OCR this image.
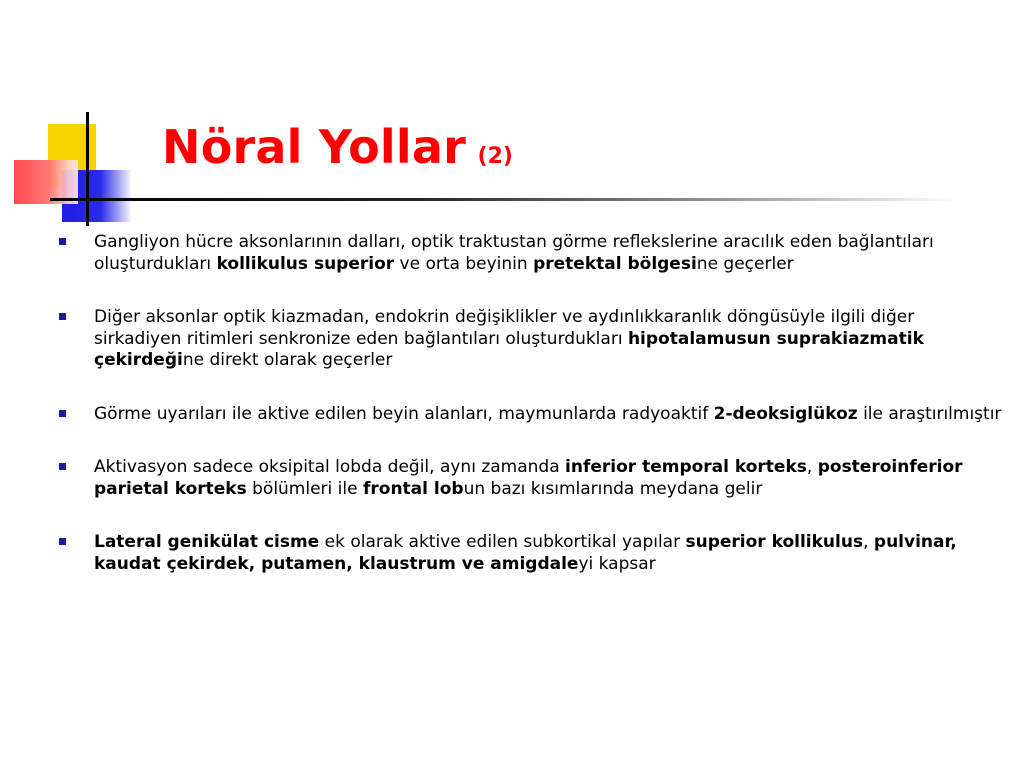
Nöral Yollar (2)
Gangliyon hücre aksonlarının dalları, optik traktustan görme reflekslerine aracılık eden bağlantıları oluşturdukları kollikulus superior ve orta beyinin pretektal bölgesine geçerler
Diğer aksonlar optik kiazmadan, endokrin değişiklikler ve aydınlıkkaranlık döngüsüyle ilgili diğer sirkadiyen ritimleri senkronize eden bağlantıları oluşturdukları hipotalamusun suprakiazmatik çekirdeğine direkt olarak geçerler
Görme uyarıları ile aktive edilen beyin alanları, maymunlarda radyoaktif 2-deoksiglükoz ile araştırılmıştır
Aktivasyon sadece oksipital lobda değil, aynı zamanda inferior temporal korteks, posteroinferior parietal korteks bölümleri ile frontal lobun bazı kısımlarında meydana gelir
Lateral genikülat cisme ek olarak aktive edilen subkortikal yapılar superior kollikulus, pulvinar, kaudat çekirdek, putamen, klaustrum ve amigdaleyi kapsar
